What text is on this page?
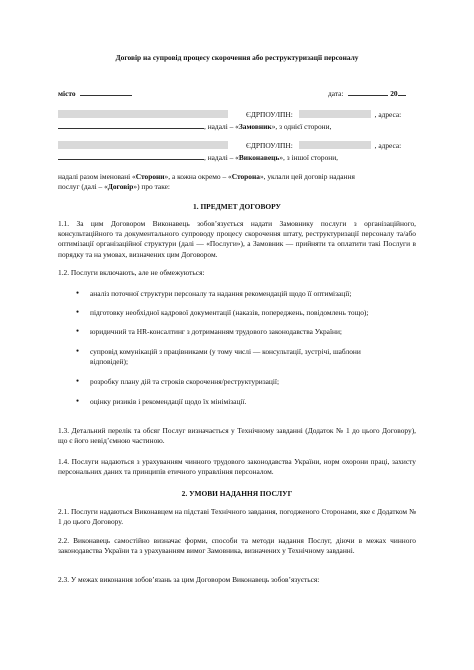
Договір на супровід процесу скорочення або реструктуризації персоналу
місто	дата:	20
ЄДРПОУ/ІПН:	, адреса:
, надалі – «Замовник», з однієї сторони,
ЄДРПОУ/ІПН:	, адреса:
, надалі – «Виконавець», з іншої сторони,
надалі разом іменовані «Сторони», а кожна окремо – «Сторона», уклали цей договір надання
послуг (далі – «Договір») про таке:
1. ПРЕДМЕТ ДОГОВОРУ
1.1. За цим Договором Виконавець зобов’язується надати Замовнику послуги з організаційного, консультаційного та документального супроводу процесу скорочення штату, реструктуризації персоналу та/або оптимізації організаційної структури (далі — «Послуги»), а Замовник — прийняти та оплатити такі Послуги в порядку та на умовах, визначених цим Договором.
1.2. Послуги включають, але не обмежуються:
аналіз поточної структури персоналу та надання рекомендацій щодо її оптимізації;
підготовку необхідної кадрової документації (наказів, попереджень, повідомлень тощо);
юридичний та HR-консалтинг з дотриманням трудового законодавства України;
супровід комунікацій з працівниками (у тому числі — консультації, зустрічі, шаблони відповідей);
розробку плану дій та строків скорочення/реструктуризації;
оцінку ризиків і рекомендації щодо їх мінімізації.
1.3. Детальний перелік та обсяг Послуг визначається у Технічному завданні (Додаток № 1 до цього Договору), що є його невід’ємною частиною.
1.4. Послуги надаються з урахуванням чинного трудового законодавства України, норм охорони праці, захисту персональних даних та принципів етичного управління персоналом.
2. УМОВИ НАДАННЯ ПОСЛУГ
2.1. Послуги надаються Виконавцем на підставі Технічного завдання, погодженого Сторонами, яке є Додатком № 1 до цього Договору.
2.2. Виконавець самостійно визначає форми, способи та методи надання Послуг, діючи в межах чинного законодавства України та з урахуванням вимог Замовника, визначених у Технічному завданні.
2.3. У межах виконання зобов’язань за цим Договором Виконавець зобов’язується:
